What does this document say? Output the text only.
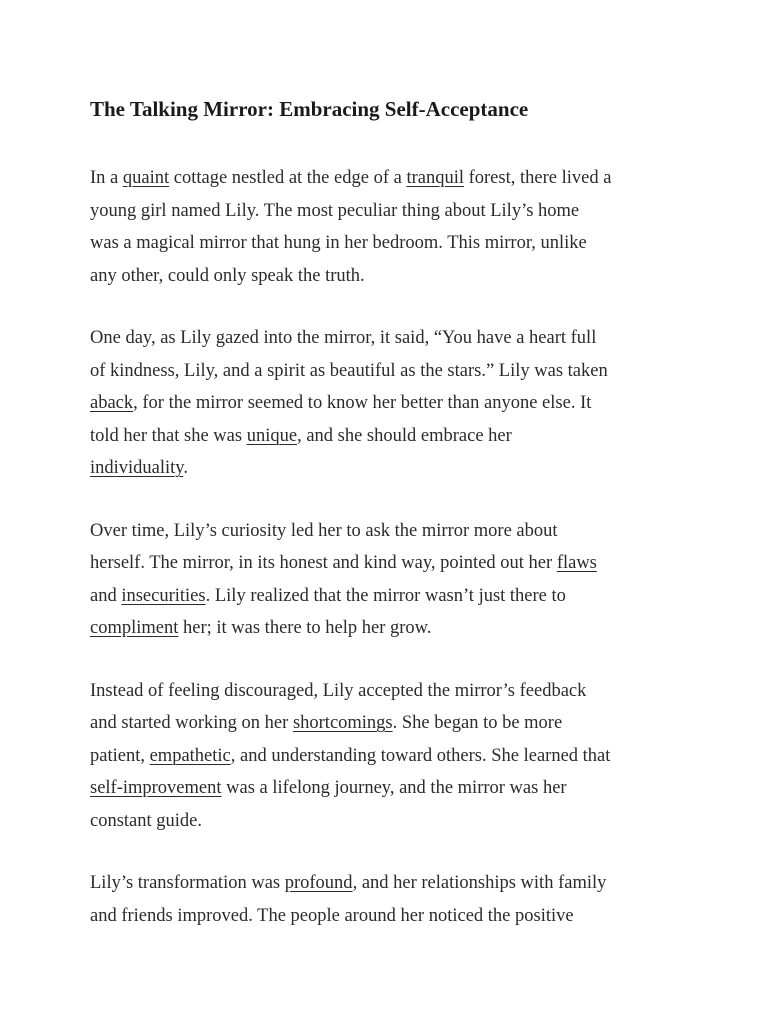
The Talking Mirror: Embracing Self-Acceptance

In a quaint cottage nestled at the edge of a tranquil forest, there lived a
young girl named Lily. The most peculiar thing about Lily’s home
was a magical mirror that hung in her bedroom. This mirror, unlike
any other, could only speak the truth.

One day, as Lily gazed into the mirror, it said, “You have a heart full
of kindness, Lily, and a spirit as beautiful as the stars.” Lily was taken
aback, for the mirror seemed to know her better than anyone else. It
told her that she was unique, and she should embrace her
individuality.

Over time, Lily’s curiosity led her to ask the mirror more about
herself. The mirror, in its honest and kind way, pointed out her flaws
and insecurities. Lily realized that the mirror wasn’t just there to
compliment her; it was there to help her grow.

Instead of feeling discouraged, Lily accepted the mirror’s feedback
and started working on her shortcomings. She began to be more
patient, empathetic, and understanding toward others. She learned that
self-improvement was a lifelong journey, and the mirror was her
constant guide.

Lily’s transformation was profound, and her relationships with family
and friends improved. The people around her noticed the positive
